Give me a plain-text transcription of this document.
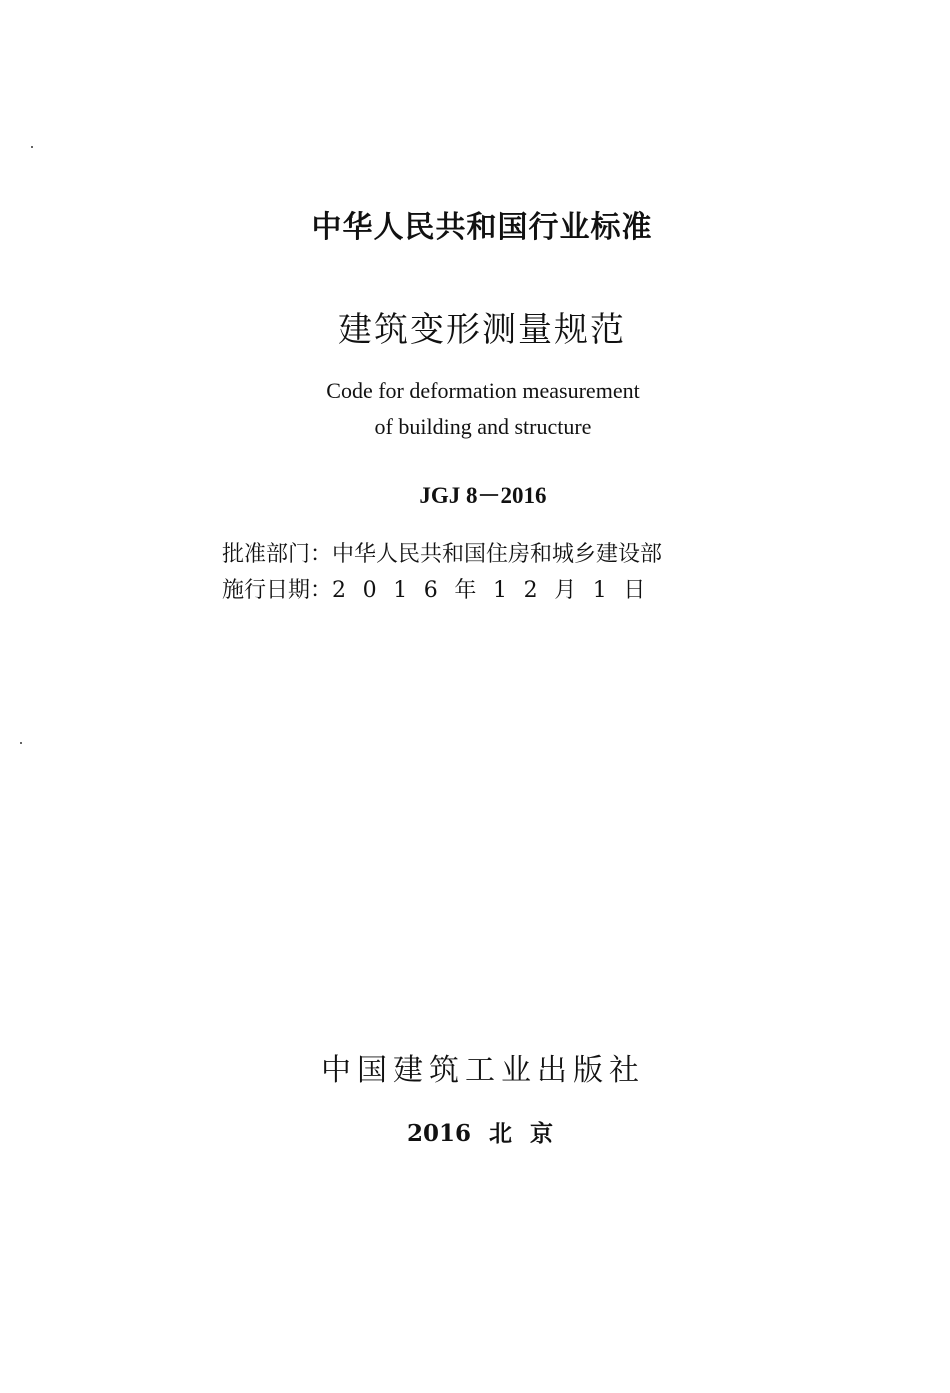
中华人民共和国行业标准
建筑变形测量规范
Code for deformation measurement
of building and structure
JGJ 8－2016
批准部门： 中华人民共和国住房和城乡建设部
施行日期： 2016年12月1日
中国建筑工业出版社
2016 北 京
